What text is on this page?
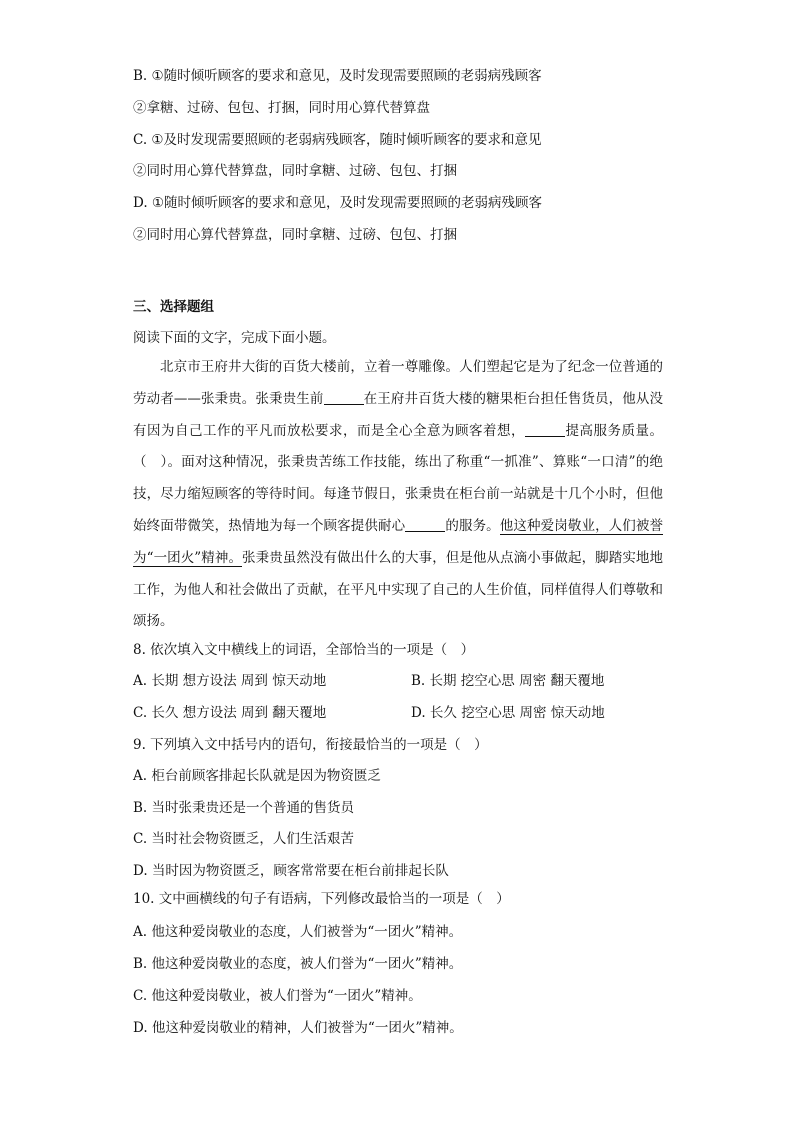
B. ①随时倾听顾客的要求和意见，及时发现需要照顾的老弱病残顾客
②拿糖、过磅、包包、打捆，同时用心算代替算盘
C. ①及时发现需要照顾的老弱病残顾客，随时倾听顾客的要求和意见
②同时用心算代替算盘，同时拿糖、过磅、包包、打捆
D. ①随时倾听顾客的要求和意见，及时发现需要照顾的老弱病残顾客
②同时用心算代替算盘，同时拿糖、过磅、包包、打捆
三、选择题组
阅读下面的文字，完成下面小题。
北京市王府井大街的百货大楼前，立着一尊雕像。人们塑起它是为了纪念一位普通的劳动者——张秉贵。张秉贵生前	在王府井百货大楼的糖果柜台担任售货员，他从没有因为自己工作的平凡而放松要求，而是全心全意为顾客着想，	提高服务质量。（　）。面对这种情况，张秉贵苦练工作技能，练出了称重“一抓准”、算账“一口清”的绝技，尽力缩短顾客的等待时间。每逢节假日，张秉贵在柜台前一站就是十几个小时，但他始终面带微笑，热情地为每一个顾客提供耐心	的服务。他这种爱岗敬业，人们被誉为“一团火”精神。张秉贵虽然没有做出什么的大事，但是他从点滴小事做起，脚踏实地地工作，为他人和社会做出了贡献，在平凡中实现了自己的人生价值，同样值得人们尊敬和颂扬。
8. 依次填入文中横线上的词语，全部恰当的一项是（　）
A. 长期 想方设法 周到 惊天动地	B. 长期 挖空心思 周密 翻天覆地
C. 长久 想方设法 周到 翻天覆地	D. 长久 挖空心思 周密 惊天动地
9. 下列填入文中括号内的语句，衔接最恰当的一项是（　）
A. 柜台前顾客排起长队就是因为物资匮乏
B. 当时张秉贵还是一个普通的售货员
C. 当时社会物资匮乏，人们生活艰苦
D. 当时因为物资匮乏，顾客常常要在柜台前排起长队
10. 文中画横线的句子有语病，下列修改最恰当的一项是（　）
A. 他这种爱岗敬业的态度，人们被誉为“一团火”精神。
B. 他这种爱岗敬业的态度，被人们誉为“一团火”精神。
C. 他这种爱岗敬业，被人们誉为“一团火”精神。
D. 他这种爱岗敬业的精神，人们被誉为“一团火”精神。
